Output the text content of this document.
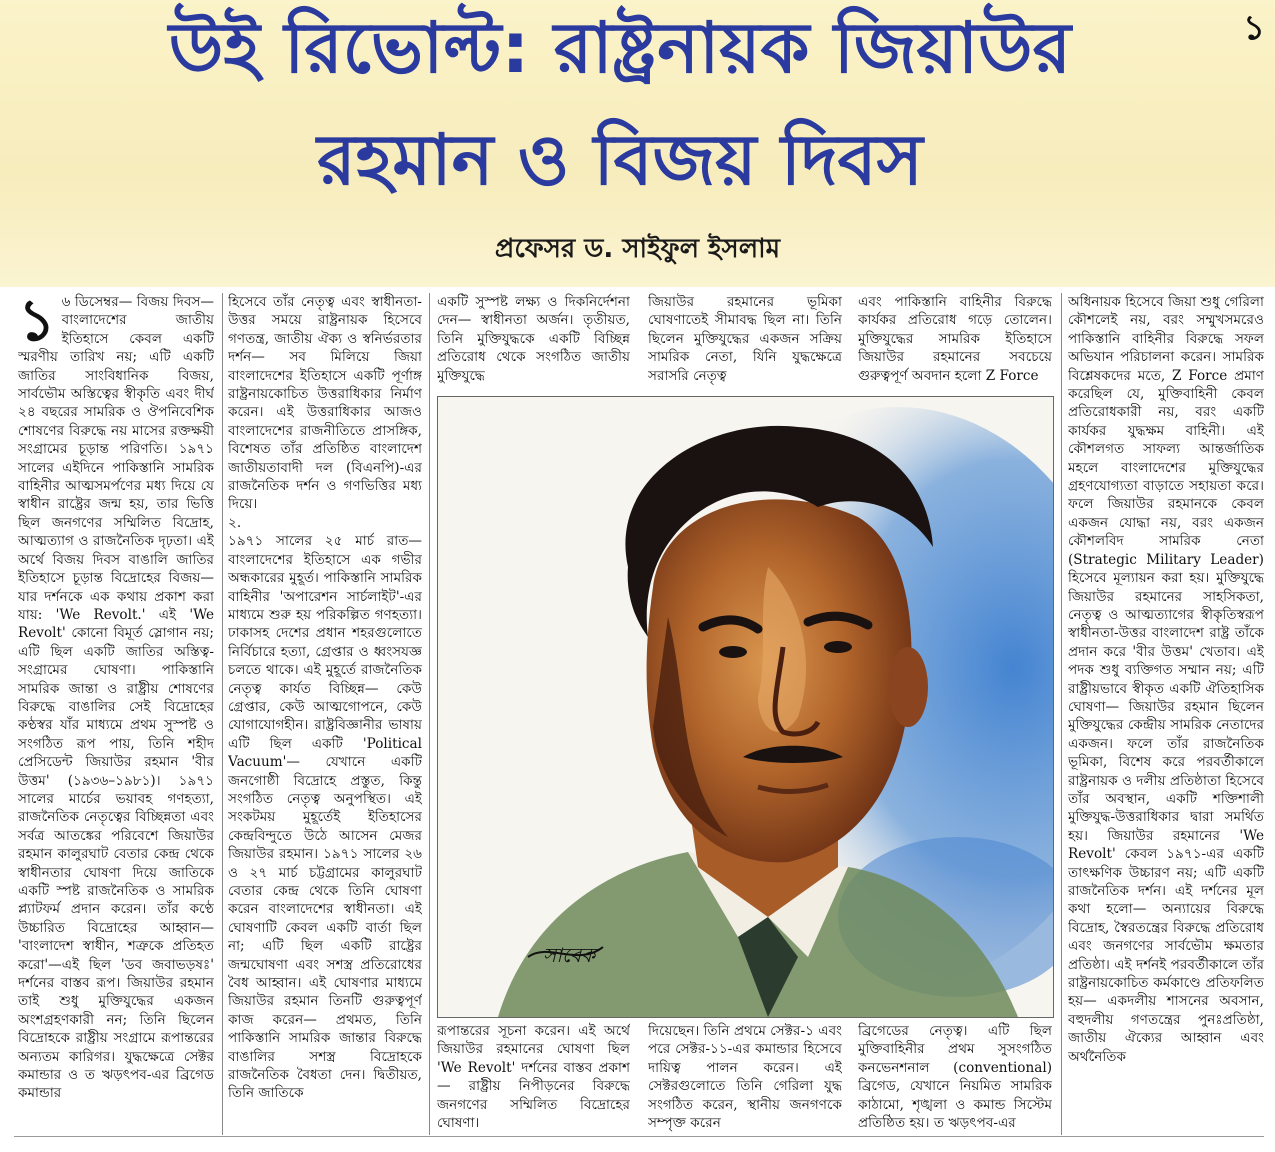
১
উই রিভোল্ট: রাষ্ট্রনায়ক জিয়াউর
রহমান ও বিজয় দিবস
প্রফেসর ড. সাইফুল ইসলাম
১ ৬ ডিসেম্বর— বিজয় দিবস— বাংলাদেশের জাতীয় ইতিহাসে কেবল একটি স্মরণীয় তারিখ নয়; এটি একটি জাতির সাংবিধানিক বিজয়, সার্বভৌম অস্তিত্বের স্বীকৃতি এবং দীর্ঘ ২৪ বছরের সামরিক ও ঔপনিবেশিক শোষণের বিরুদ্ধে নয় মাসের রক্তক্ষয়ী সংগ্রামের চূড়ান্ত পরিণতি। ১৯৭১ সালের এইদিনে পাকিস্তানি সামরিক বাহিনীর আত্মসমর্পণের মধ্য দিয়ে যে স্বাধীন রাষ্ট্রের জন্ম হয়, তার ভিত্তি ছিল জনগণের সম্মিলিত বিদ্রোহ, আত্মত্যাগ ও রাজনৈতিক দৃঢ়তা। এই অর্থে বিজয় দিবস বাঙালি জাতির ইতিহাসে চূড়ান্ত বিদ্রোহের বিজয়— যার দর্শনকে এক কথায় প্রকাশ করা যায়: 'We Revolt.' এই 'We Revolt' কোনো বিমূর্ত স্লোগান নয়; এটি ছিল একটি জাতির অস্তিত্ব-সংগ্রামের ঘোষণা। পাকিস্তানি সামরিক জান্তা ও রাষ্ট্রীয় শোষণের বিরুদ্ধে বাঙালির সেই বিদ্রোহের কণ্ঠস্বর যাঁর মাধ্যমে প্রথম সুস্পষ্ট ও সংগঠিত রূপ পায়, তিনি শহীদ প্রেসিডেন্ট জিয়াউর রহমান 'বীর উত্তম' (১৯৩৬–১৯৮১)। ১৯৭১ সালের মার্চের ভয়াবহ গণহত্যা, রাজনৈতিক নেতৃত্বের বিচ্ছিন্নতা এবং সর্বত্র আতঙ্কের পরিবেশে জিয়াউর রহমান কালুরঘাট বেতার কেন্দ্র থেকে স্বাধীনতার ঘোষণা দিয়ে জাতিকে একটি স্পষ্ট রাজনৈতিক ও সামরিক প্ল্যাটফর্ম প্রদান করেন। তাঁর কণ্ঠে উচ্চারিত বিদ্রোহের আহ্বান— 'বাংলাদেশ স্বাধীন, শত্রুকে প্রতিহত করো'—এই ছিল 'ডব জবাভড়ষঃ' দর্শনের বাস্তব রূপ। জিয়াউর রহমান তাই শুধু মুক্তিযুদ্ধের একজন অংশগ্রহণকারী নন; তিনি ছিলেন বিদ্রোহকে রাষ্ট্রীয় সংগ্রামে রূপান্তরের অন্যতম কারিগর। যুদ্ধক্ষেত্রে সেক্টর কমান্ডার ও ত ঋড়ৎপব-এর ব্রিগেড কমান্ডার

হিসেবে তাঁর নেতৃত্ব এবং স্বাধীনতা-উত্তর সময়ে রাষ্ট্রনায়ক হিসেবে গণতন্ত্র, জাতীয় ঐক্য ও স্বনির্ভরতার দর্শন— সব মিলিয়ে জিয়া বাংলাদেশের ইতিহাসে একটি পূর্ণাঙ্গ রাষ্ট্রনায়কোচিত উত্তরাধিকার নির্মাণ করেন। এই উত্তরাধিকার আজও বাংলাদেশের রাজনীতিতে প্রাসঙ্গিক, বিশেষত তাঁর প্রতিষ্ঠিত বাংলাদেশ জাতীয়তাবাদী দল (বিএনপি)-এর রাজনৈতিক দর্শন ও গণভিত্তির মধ্য দিয়ে।

২.

১৯৭১ সালের ২৫ মার্চ রাত— বাংলাদেশের ইতিহাসে এক গভীর অন্ধকারের মুহূর্ত। পাকিস্তানি সামরিক বাহিনীর 'অপারেশন সার্চলাইট'-এর মাধ্যমে শুরু হয় পরিকল্পিত গণহত্যা। ঢাকাসহ দেশের প্রধান শহরগুলোতে নির্বিচারে হত্যা, গ্রেপ্তার ও ধ্বংসযজ্ঞ চলতে থাকে। এই মুহূর্তে রাজনৈতিক নেতৃত্ব কার্যত বিচ্ছিন্ন— কেউ গ্রেপ্তার, কেউ আত্মগোপনে, কেউ যোগাযোগহীন। রাষ্ট্রবিজ্ঞানীর ভাষায় এটি ছিল একটি 'Political Vacuum'— যেখানে একটি জনগোষ্ঠী বিদ্রোহে প্রস্তুত, কিন্তু সংগঠিত নেতৃত্ব অনুপস্থিত। এই সংকটময় মুহূর্তেই ইতিহাসের কেন্দ্রবিন্দুতে উঠে আসেন মেজর জিয়াউর রহমান। ১৯৭১ সালের ২৬ ও ২৭ মার্চ চট্টগ্রামের কালুরঘাট বেতার কেন্দ্র থেকে তিনি ঘোষণা করেন বাংলাদেশের স্বাধীনতা। এই ঘোষণাটি কেবল একটি বার্তা ছিল না; এটি ছিল একটি রাষ্ট্রের জন্মঘোষণা এবং সশস্ত্র প্রতিরোধের বৈধ আহ্বান। এই ঘোষণার মাধ্যমে জিয়াউর রহমান তিনটি গুরুত্বপূর্ণ কাজ করেন— প্রথমত, তিনি পাকিস্তানি সামরিক জান্তার বিরুদ্ধে বাঙালির সশস্ত্র বিদ্রোহকে রাজনৈতিক বৈধতা দেন। দ্বিতীয়ত, তিনি জাতিকে

একটি সুস্পষ্ট লক্ষ্য ও দিকনির্দেশনা দেন— স্বাধীনতা অর্জন। তৃতীয়ত, তিনি মুক্তিযুদ্ধকে একটি বিচ্ছিন্ন প্রতিরোধ থেকে সংগঠিত জাতীয় মুক্তিযুদ্ধে

জিয়াউর রহমানের ভূমিকা ঘোষণাতেই সীমাবদ্ধ ছিল না। তিনি ছিলেন মুক্তিযুদ্ধের একজন সক্রিয় সামরিক নেতা, যিনি যুদ্ধক্ষেত্রে সরাসরি নেতৃত্ব

এবং পাকিস্তানি বাহিনীর বিরুদ্ধে কার্যকর প্রতিরোধ গড়ে তোলেন। মুক্তিযুদ্ধের সামরিক ইতিহাসে জিয়াউর রহমানের সবচেয়ে গুরুত্বপূর্ণ অবদান হলো Z Force

সাবেক

রূপান্তরের সূচনা করেন। এই অর্থে জিয়াউর রহমানের ঘোষণা ছিল 'We Revolt' দর্শনের বাস্তব প্রকাশ— রাষ্ট্রীয় নিপীড়নের বিরুদ্ধে জনগণের সম্মিলিত বিদ্রোহের ঘোষণা।

দিয়েছেন। তিনি প্রথমে সেক্টর-১ এবং পরে সেক্টর-১১-এর কমান্ডার হিসেবে দায়িত্ব পালন করেন। এই সেক্টরগুলোতে তিনি গেরিলা যুদ্ধ সংগঠিত করেন, স্থানীয় জনগণকে সম্পৃক্ত করেন

ব্রিগেডের নেতৃত্ব। এটি ছিল মুক্তিবাহিনীর প্রথম সুসংগঠিত কনভেনশনাল (conventional) ব্রিগেড, যেখানে নিয়মিত সামরিক কাঠামো, শৃঙ্খলা ও কমান্ড সিস্টেম প্রতিষ্ঠিত হয়। ত ঋড়ৎপব-এর

অধিনায়ক হিসেবে জিয়া শুধু গেরিলা কৌশলেই নয়, বরং সম্মুখসমরেও পাকিস্তানি বাহিনীর বিরুদ্ধে সফল অভিযান পরিচালনা করেন। সামরিক বিশ্লেষকদের মতে, Z Force প্রমাণ করেছিল যে, মুক্তিবাহিনী কেবল প্রতিরোধকারী নয়, বরং একটি কার্যকর যুদ্ধক্ষম বাহিনী। এই কৌশলগত সাফল্য আন্তর্জাতিক মহলে বাংলাদেশের মুক্তিযুদ্ধের গ্রহণযোগ্যতা বাড়াতে সহায়তা করে। ফলে জিয়াউর রহমানকে কেবল একজন যোদ্ধা নয়, বরং একজন কৌশলবিদ সামরিক নেতা (Strategic Military Leader) হিসেবে মূল্যায়ন করা হয়। মুক্তিযুদ্ধে জিয়াউর রহমানের সাহসিকতা, নেতৃত্ব ও আত্মত্যাগের স্বীকৃতিস্বরূপ স্বাধীনতা-উত্তর বাংলাদেশ রাষ্ট্র তাঁকে প্রদান করে 'বীর উত্তম' খেতাব। এই পদক শুধু ব্যক্তিগত সম্মান নয়; এটি রাষ্ট্রীয়ভাবে স্বীকৃত একটি ঐতিহাসিক ঘোষণা— জিয়াউর রহমান ছিলেন মুক্তিযুদ্ধের কেন্দ্রীয় সামরিক নেতাদের একজন। ফলে তাঁর রাজনৈতিক ভূমিকা, বিশেষ করে পরবর্তীকালে রাষ্ট্রনায়ক ও দলীয় প্রতিষ্ঠাতা হিসেবে তাঁর অবস্থান, একটি শক্তিশালী মুক্তিযুদ্ধ-উত্তরাধিকার দ্বারা সমর্থিত হয়। জিয়াউর রহমানের 'We Revolt' কেবল ১৯৭১-এর একটি তাৎক্ষণিক উচ্চারণ নয়; এটি একটি রাজনৈতিক দর্শন। এই দর্শনের মূল কথা হলো— অন্যায়ের বিরুদ্ধে বিদ্রোহ, স্বৈরতন্ত্রের বিরুদ্ধে প্রতিরোধ এবং জনগণের সার্বভৌম ক্ষমতার প্রতিষ্ঠা। এই দর্শনই পরবর্তীকালে তাঁর রাষ্ট্রনায়কোচিত কর্মকাণ্ডে প্রতিফলিত হয়— একদলীয় শাসনের অবসান, বহুদলীয় গণতন্ত্রের পুনঃপ্রতিষ্ঠা, জাতীয় ঐক্যের আহ্বান এবং অর্থনৈতিক
